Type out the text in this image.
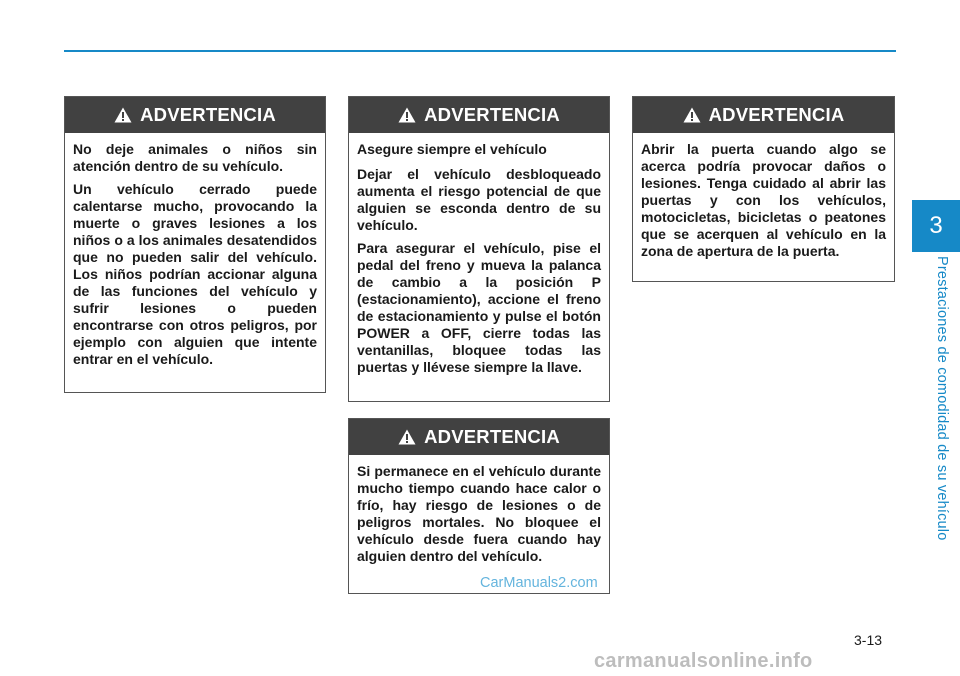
3
Prestaciones de comodidad de su vehículo
ADVERTENCIA

No deje animales o niños sin atención dentro de su vehículo.

Un vehículo cerrado puede calentarse mucho, provocando la muerte o graves lesiones a los niños o a los animales desatendidos que no pueden salir del vehículo. Los niños podrían accionar alguna de las funciones del vehículo y sufrir lesiones o pueden encontrarse con otros peligros, por ejemplo con alguien que intente entrar en el vehículo.

ADVERTENCIA

Asegure siempre el vehículo

Dejar el vehículo desbloqueado aumenta el riesgo potencial de que alguien se esconda dentro de su vehículo.

Para asegurar el vehículo, pise el pedal del freno y mueva la palanca de cambio a la posición P (estacionamiento), accione el freno de estacionamiento y pulse el botón POWER a OFF, cierre todas las ventanillas, bloquee todas las puertas y llévese siempre la llave.

ADVERTENCIA

Si permanece en el vehículo durante mucho tiempo cuando hace calor o frío, hay riesgo de lesiones o de peligros mortales. No bloquee el vehículo desde fuera cuando hay alguien dentro del vehículo.

ADVERTENCIA

Abrir la puerta cuando algo se acerca podría provocar daños o lesiones. Tenga cuidado al abrir las puertas y con los vehículos, motocicletas, bicicletas o peatones que se acerquen al vehículo en la zona de apertura de la puerta.

CarManuals2.com
3-13
carmanualsonline.info
